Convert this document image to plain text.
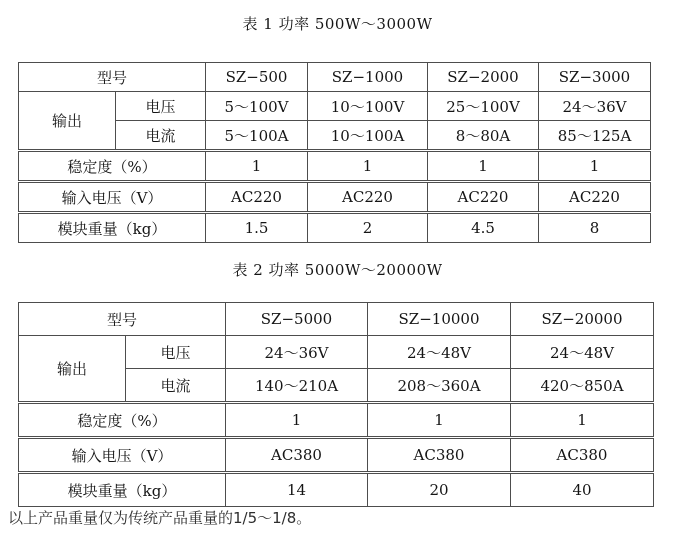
表 1 功率 500W～3000W
型号		SZ−500	SZ−1000	SZ−2000	SZ−3000
输出	电压	5～100V	10～100V	25～100V	24～36V
	电流	5～100A	10～100A	8～80A	85～125A
稳定度（%）		1	1	1	1
输入电压（V）		AC220	AC220	AC220	AC220
模块重量（kg）		1.5	2	4.5	8
表 2 功率 5000W～20000W
型号		SZ−5000	SZ−10000	SZ−20000
输出	电压	24～36V	24～48V	24～48V
	电流	140～210A	208～360A	420～850A
稳定度（%）		1	1	1
输入电压（V）		AC380	AC380	AC380
模块重量（kg）		14	20	40
以上产品重量仅为传统产品重量的1/5～1/8。
